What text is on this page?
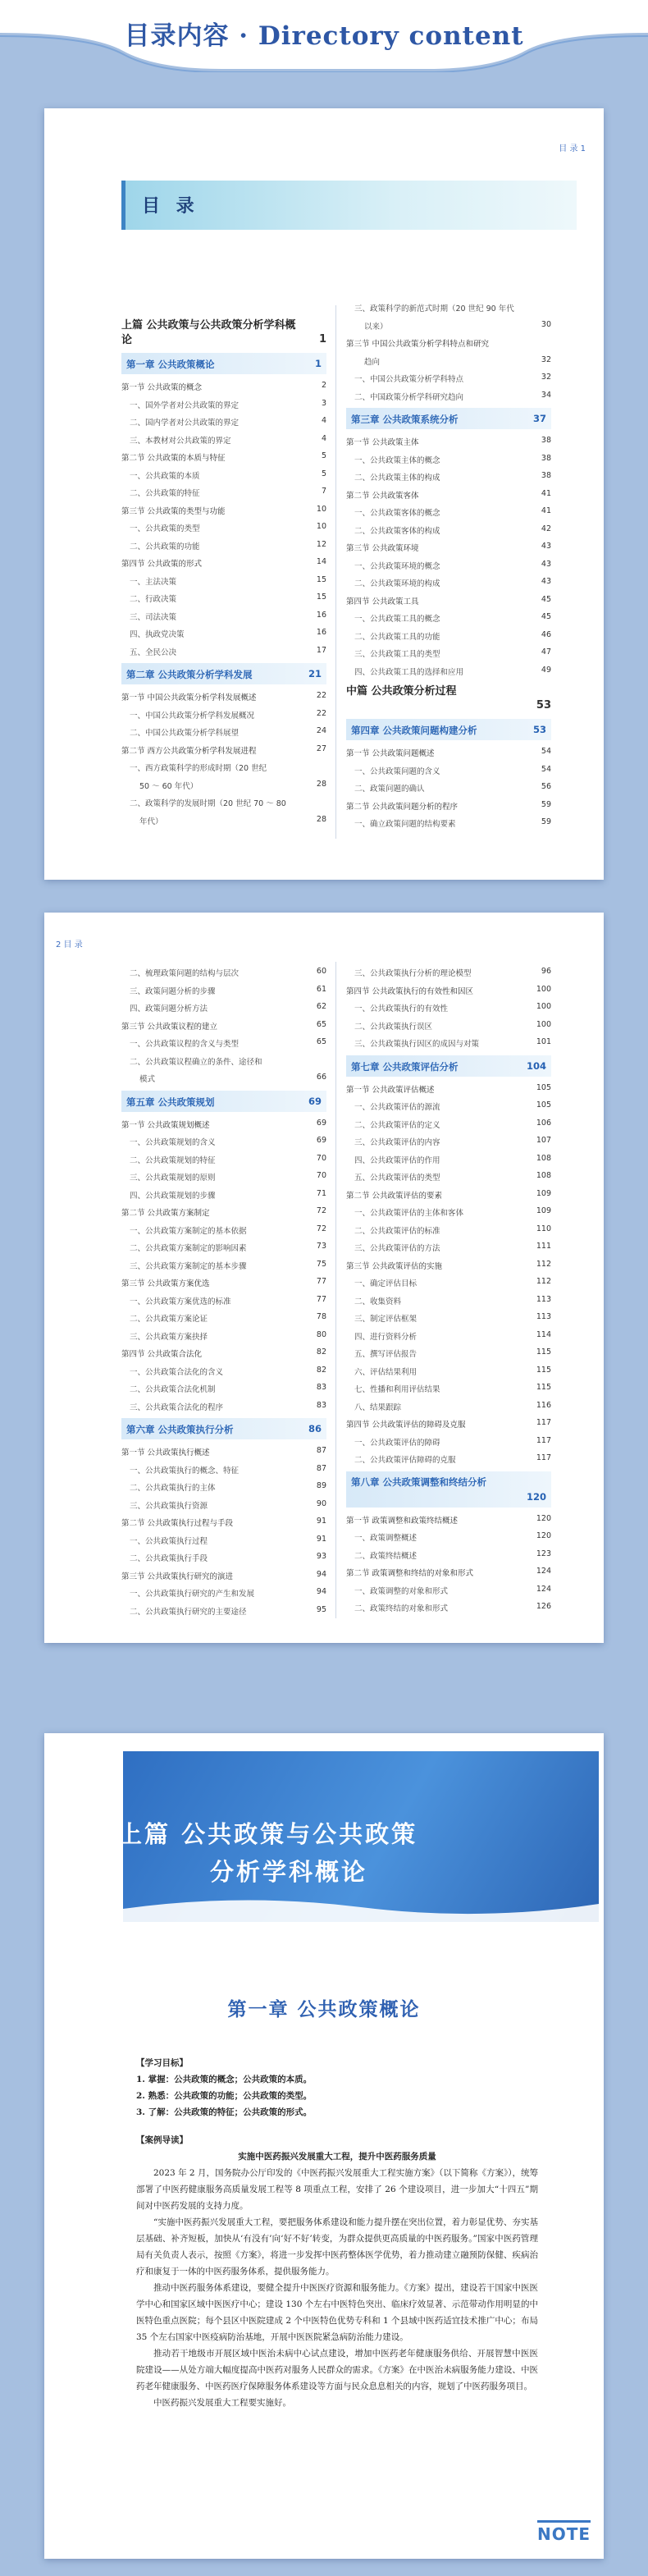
目录内容 · Directory content
目 录 1
目 录
上篇 公共政策与公共政策分析学科概论	1
第一章 公共政策概论	1
第一节 公共政策的概念	2
一、国外学者对公共政策的界定	3
二、国内学者对公共政策的界定	4
三、本教材对公共政策的界定	4
第二节 公共政策的本质与特征	5
一、公共政策的本质	5
二、公共政策的特征	7
第三节 公共政策的类型与功能	10
一、公共政策的类型	10
二、公共政策的功能	12
第四节 公共政策的形式	14
一、主法决策	15
二、行政决策	15
三、司法决策	16
四、执政党决策	16
五、全民公决	17
第二章 公共政策分析学科发展	21
第一节 中国公共政策分析学科发展概述	22
一、中国公共政策分析学科发展概况	22
二、中国公共政策分析学科展望	24
第二节 西方公共政策分析学科发展进程	27
一、西方政策科学的形成时期（20 世纪
50 ～ 60 年代）	28
二、政策科学的发展时期（20 世纪 70 ～ 80
年代）	28
三、政策科学的新范式时期（20 世纪 90 年代
以来）	30
第三节 中国公共政策分析学科特点和研究
趋向	32
一、中国公共政策分析学科特点	32
二、中国政策分析学科研究趋向	34
第三章 公共政策系统分析	37
第一节 公共政策主体	38
一、公共政策主体的概念	38
二、公共政策主体的构成	38
第二节 公共政策客体	41
一、公共政策客体的概念	41
二、公共政策客体的构成	42
第三节 公共政策环境	43
一、公共政策环境的概念	43
二、公共政策环境的构成	43
第四节 公共政策工具	45
一、公共政策工具的概念	45
二、公共政策工具的功能	46
三、公共政策工具的类型	47
四、公共政策工具的选择和应用	49
中篇 公共政策分析过程
53
第四章 公共政策问题构建分析	53
第一节 公共政策问题概述	54
一、公共政策问题的含义	54
二、政策问题的确认	56
第二节 公共政策问题分析的程序	59
一、确立政策问题的结构要素	59
2 目 录
二、梳理政策问题的结构与层次	60
三、政策问题分析的步骤	61
四、政策问题分析方法	62
第三节 公共政策议程的建立	65
一、公共政策议程的含义与类型	65
二、公共政策议程确立的条件、途径和
模式	66
第五章 公共政策规划	69
第一节 公共政策规划概述	69
一、公共政策规划的含义	69
二、公共政策规划的特征	70
三、公共政策规划的原则	70
四、公共政策规划的步骤	71
第二节 公共政策方案制定	72
一、公共政策方案制定的基本依据	72
二、公共政策方案制定的影响因素	73
三、公共政策方案制定的基本步骤	75
第三节 公共政策方案优选	77
一、公共政策方案优选的标准	77
二、公共政策方案论证	78
三、公共政策方案抉择	80
第四节 公共政策合法化	82
一、公共政策合法化的含义	82
二、公共政策合法化机制	83
三、公共政策合法化的程序	83
第六章 公共政策执行分析	86
第一节 公共政策执行概述	87
一、公共政策执行的概念、特征	87
二、公共政策执行的主体	89
三、公共政策执行资源	90
第二节 公共政策执行过程与手段	91
一、公共政策执行过程	91
二、公共政策执行手段	93
第三节 公共政策执行研究的演进	94
一、公共政策执行研究的产生和发展	94
二、公共政策执行研究的主要途径	95
三、公共政策执行分析的理论模型	96
第四节 公共政策执行的有效性和因区	100
一、公共政策执行的有效性	100
二、公共政策执行误区	100
三、公共政策执行因区的成因与对策	101
第七章 公共政策评估分析	104
第一节 公共政策评估概述	105
一、公共政策评估的源流	105
二、公共政策评估的定义	106
三、公共政策评估的内容	107
四、公共政策评估的作用	108
五、公共政策评估的类型	108
第二节 公共政策评估的要素	109
一、公共政策评估的主体和客体	109
二、公共政策评估的标准	110
三、公共政策评估的方法	111
第三节 公共政策评估的实施	112
一、确定评估目标	112
二、收集资料	113
三、制定评估框架	113
四、进行资料分析	114
五、撰写评估报告	115
六、评估结果利用	115
七、性播和利用评估结果	115
八、结果跟踪	116
第四节 公共政策评估的障碍及克服	117
一、公共政策评估的障碍	117
二、公共政策评估障碍的克服	117
第八章 公共政策调整和终结分析
120
第一节 政策调整和政策终结概述	120
一、政策调整概述	120
二、政策终结概述	123
第二节 政策调整和终结的对象和形式	124
一、政策调整的对象和形式	124
二、政策终结的对象和形式	126
上篇 公共政策与公共政策
分析学科概论
第一章 公共政策概论
【学习目标】
1. 掌握：公共政策的概念；公共政策的本质。
2. 熟悉：公共政策的功能；公共政策的类型。
3. 了解：公共政策的特征；公共政策的形式。
【案例导读】
实施中医药振兴发展重大工程，提升中医药服务质量

2023 年 2 月，国务院办公厅印发的《中医药振兴发展重大工程实施方案》（以下简称《方案》），统筹部署了中医药健康服务高质量发展工程等 8 项重点工程，安排了 26 个建设项目，进一步加大“十四五”期间对中医药发展的支持力度。

“实施中医药振兴发展重大工程，要把服务体系建设和能力提升摆在突出位置，着力彰显优势、夯实基层基础、补齐短板，加快从‘有没有’向‘好不好’转变，为群众提供更高质量的中医药服务。”国家中医药管理局有关负责人表示，按照《方案》，将进一步发挥中医药整体医学优势，着力推动建立融预防保健、疾病治疗和康复于一体的中医药服务体系，提供服务能力。

推动中医药服务体系建设，要健全提升中医医疗资源和服务能力。《方案》提出，建设若干国家中医医学中心和国家区域中医医疗中心；建设 130 个左右中医特色突出、临床疗效显著、示范带动作用明显的中医特色重点医院；每个县区中医院建成 2 个中医特色优势专科和 1 个县域中医药适宜技术推广中心；布局 35 个左右国家中医疫病防治基地，开展中医医院紧急病防治能力建设。

推动若干地级市开展区域中医治未病中心试点建设，增加中医药老年健康服务供给、开展智慧中医医院建设——从处方端大幅度提高中医药对服务人民群众的需求。《方案》在中医治未病服务能力建设、中医药老年健康服务、中医药医疗保障服务体系建设等方面与民众息息相关的内容，规划了中医药服务项目。

中医药振兴发展重大工程要实施好。

NOTE
